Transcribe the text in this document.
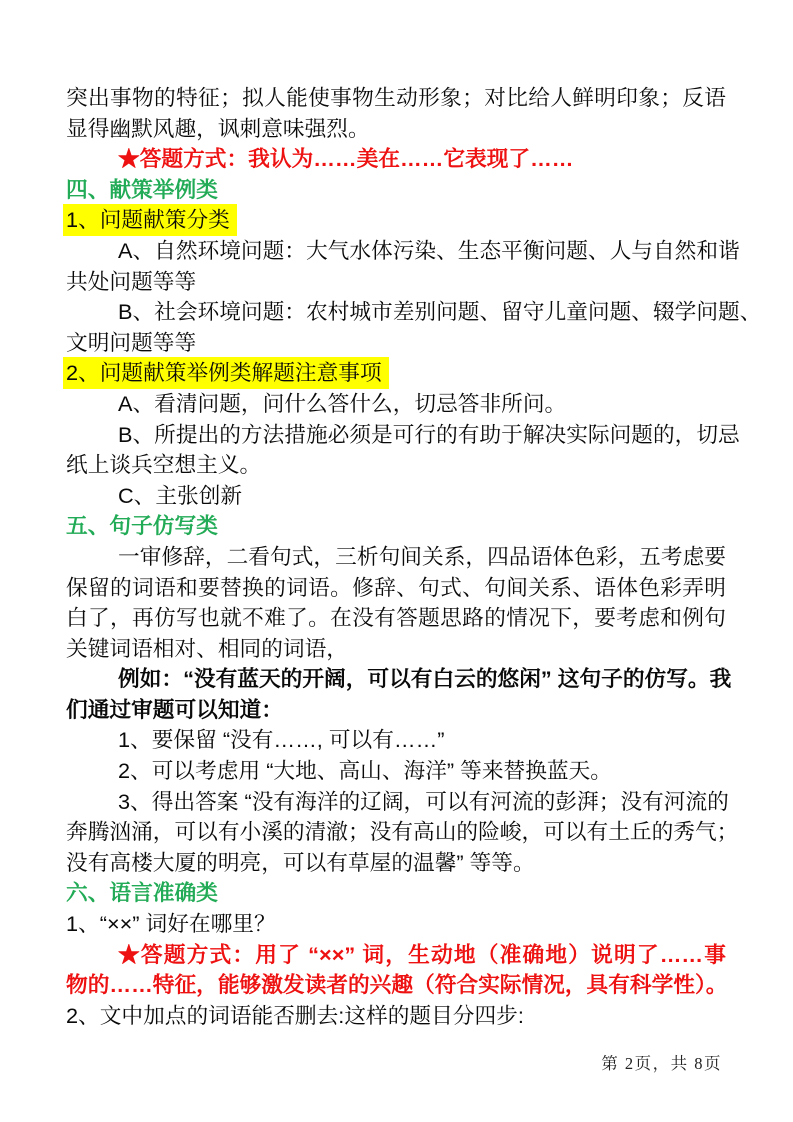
突出事物的特征；拟人能使事物生动形象；对比给人鲜明印象；反语
显得幽默风趣，讽刺意味强烈。
★答题方式：我认为……美在……它表现了……
四、献策举例类
1、问题献策分类
A、自然环境问题：大气水体污染、生态平衡问题、人与自然和谐
共处问题等等
B、社会环境问题：农村城市差别问题、留守儿童问题、辍学问题、
文明问题等等
2、问题献策举例类解题注意事项
A、看清问题，问什么答什么，切忌答非所问。
B、所提出的方法措施必须是可行的有助于解决实际问题的，切忌
纸上谈兵空想主义。
C、主张创新
五、句子仿写类
一审修辞，二看句式，三析句间关系，四品语体色彩，五考虑要
保留的词语和要替换的词语。修辞、句式、句间关系、语体色彩弄明
白了，再仿写也就不难了。在没有答题思路的情况下，要考虑和例句
关键词语相对、相同的词语，
例如：“没有蓝天的开阔，可以有白云的悠闲” 这句子的仿写。我
们通过审题可以知道：
1、要保留 “没有……, 可以有……”
2、可以考虑用 “大地、高山、海洋” 等来替换蓝天。
3、得出答案 “没有海洋的辽阔，可以有河流的彭湃；没有河流的
奔腾汹涌，可以有小溪的清澈；没有高山的险峻，可以有土丘的秀气；
没有高楼大厦的明亮，可以有草屋的温馨” 等等。
六、语言准确类
1、“××” 词好在哪里？
★答题方式：用了 “××” 词，生动地（准确地）说明了……事
物的……特征，能够激发读者的兴趣（符合实际情况，具有科学性）。
2、文中加点的词语能否删去:这样的题目分四步:
第 2页，共 8页
